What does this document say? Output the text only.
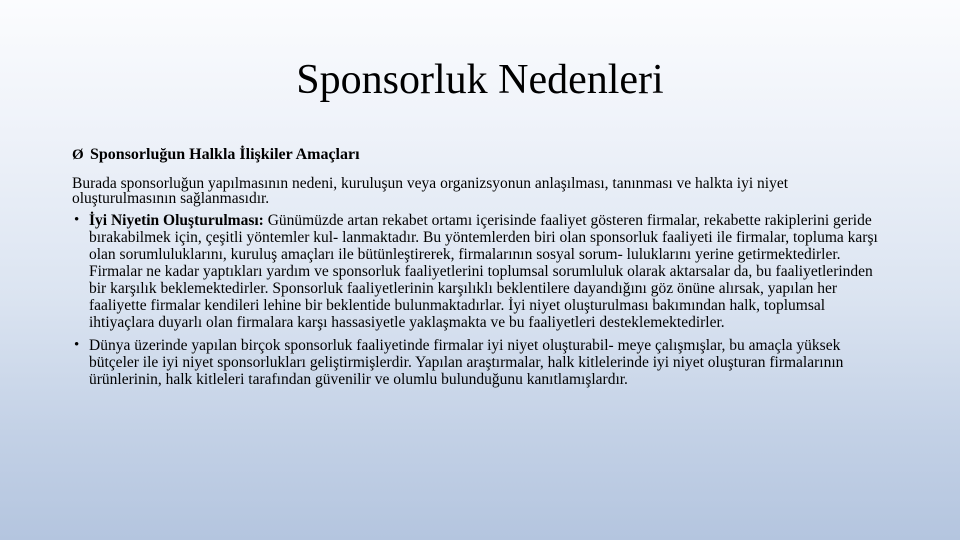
Sponsorluk Nedenleri
Ø Sponsorluğun Halkla İlişkiler Amaçları
Burada sponsorluğun yapılmasının nedeni, kuruluşun veya organizsyonun anlaşılması, tanınması ve halkta iyi niyet oluşturulmasının sağlanmasıdır.
• İyi Niyetin Oluşturulması: Günümüzde artan rekabet ortamı içerisinde faaliyet gösteren firmalar, rekabette rakiplerini geride bırakabilmek için, çeşitli yöntemler kul- lanmaktadır. Bu yöntemlerden biri olan sponsorluk faaliyeti ile firmalar, topluma karşı olan sorumluluklarını, kuruluş amaçları ile bütünleştirerek, firmalarının sosyal sorum- luluklarını yerine getirmektedirler. Firmalar ne kadar yaptıkları yardım ve sponsorluk faaliyetlerini toplumsal sorumluluk olarak aktarsalar da, bu faaliyetlerinden bir karşılık beklemektedirler. Sponsorluk faaliyetlerinin karşılıklı beklentilere dayandığını göz önüne alırsak, yapılan her faaliyette firmalar kendileri lehine bir beklentide bulunmaktadırlar. İyi niyet oluşturulması bakımından halk, toplumsal ihtiyaçlara duyarlı olan firmalara karşı hassasiyetle yaklaşmakta ve bu faaliyetleri desteklemektedirler.
• Dünya üzerinde yapılan birçok sponsorluk faaliyetinde firmalar iyi niyet oluşturabil- meye çalışmışlar, bu amaçla yüksek bütçeler ile iyi niyet sponsorlukları geliştirmişlerdir. Yapılan araştırmalar, halk kitlelerinde iyi niyet oluşturan firmalarının ürünlerinin, halk kitleleri tarafından güvenilir ve olumlu bulunduğunu kanıtlamışlardır.
